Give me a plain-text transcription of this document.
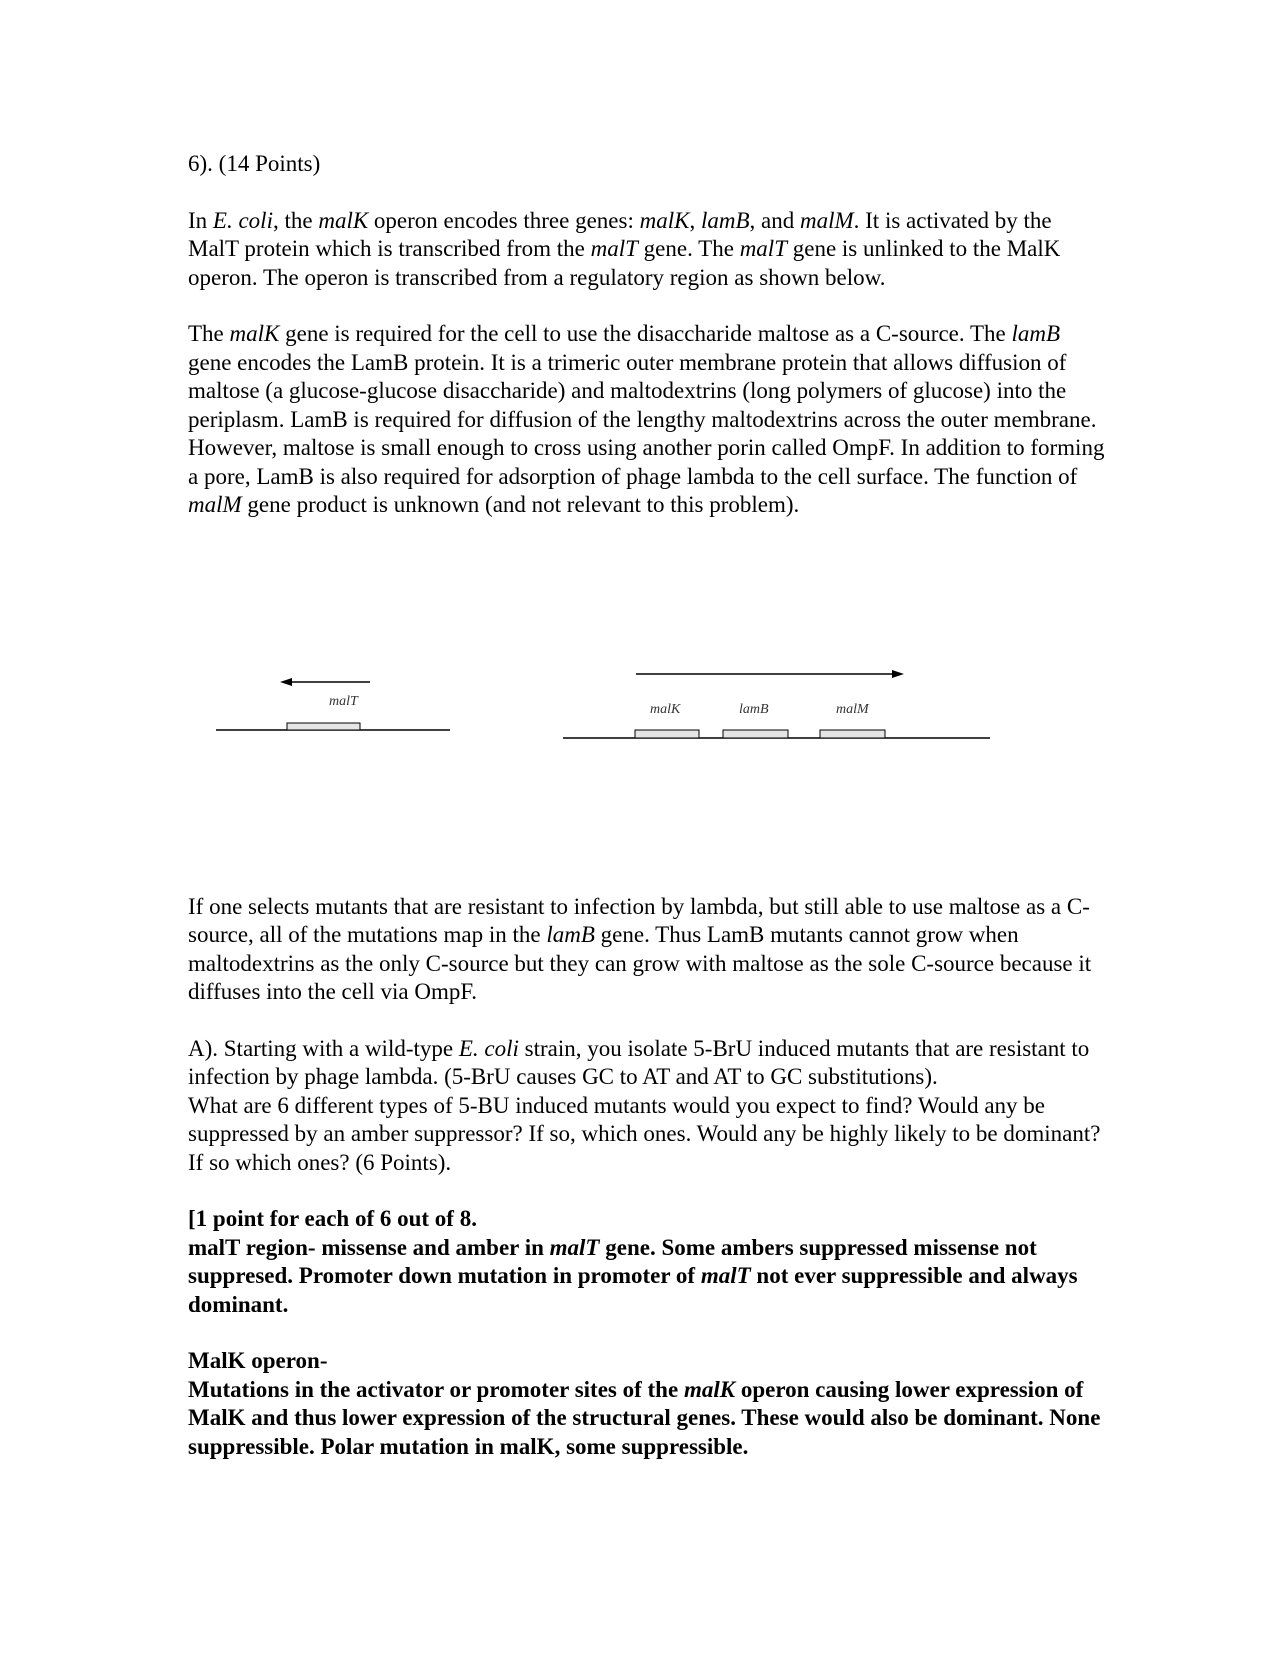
6). (14 Points)

In E. coli, the malK operon encodes three genes: malK, lamB, and malM. It is activated by the MalT protein which is transcribed from the malT gene. The malT gene is unlinked to the MalK operon. The operon is transcribed from a regulatory region as shown below.

The malK gene is required for the cell to use the disaccharide maltose as a C-source. The lamB gene encodes the LamB protein. It is a trimeric outer membrane protein that allows diffusion of maltose (a glucose-glucose disaccharide) and maltodextrins (long polymers of glucose) into the periplasm. LamB is required for diffusion of the lengthy maltodextrins across the outer membrane. However, maltose is small enough to cross using another porin called OmpF. In addition to forming a pore, LamB is also required for adsorption of phage lambda to the cell surface. The function of malM gene product is unknown (and not relevant to this problem).

malT
malK	lamB	malM

If one selects mutants that are resistant to infection by lambda, but still able to use maltose as a C-source, all of the mutations map in the lamB gene. Thus LamB mutants cannot grow when maltodextrins as the only C-source but they can grow with maltose as the sole C-source because it diffuses into the cell via OmpF.

A). Starting with a wild-type E. coli strain, you isolate 5-BrU induced mutants that are resistant to infection by phage lambda. (5-BrU causes GC to AT and AT to GC substitutions).

What are 6 different types of 5-BU induced mutants would you expect to find? Would any be suppressed by an amber suppressor? If so, which ones. Would any be highly likely to be dominant? If so which ones? (6 Points).

[1 point for each of 6 out of 8.

malT region- missense and amber in malT gene. Some ambers suppressed missense not suppresed. Promoter down mutation in promoter of malT not ever suppressible and always dominant.

MalK operon-

Mutations in the activator or promoter sites of the malK operon causing lower expression of MalK and thus lower expression of the structural genes. These would also be dominant. None suppressible. Polar mutation in malK, some suppressible.
